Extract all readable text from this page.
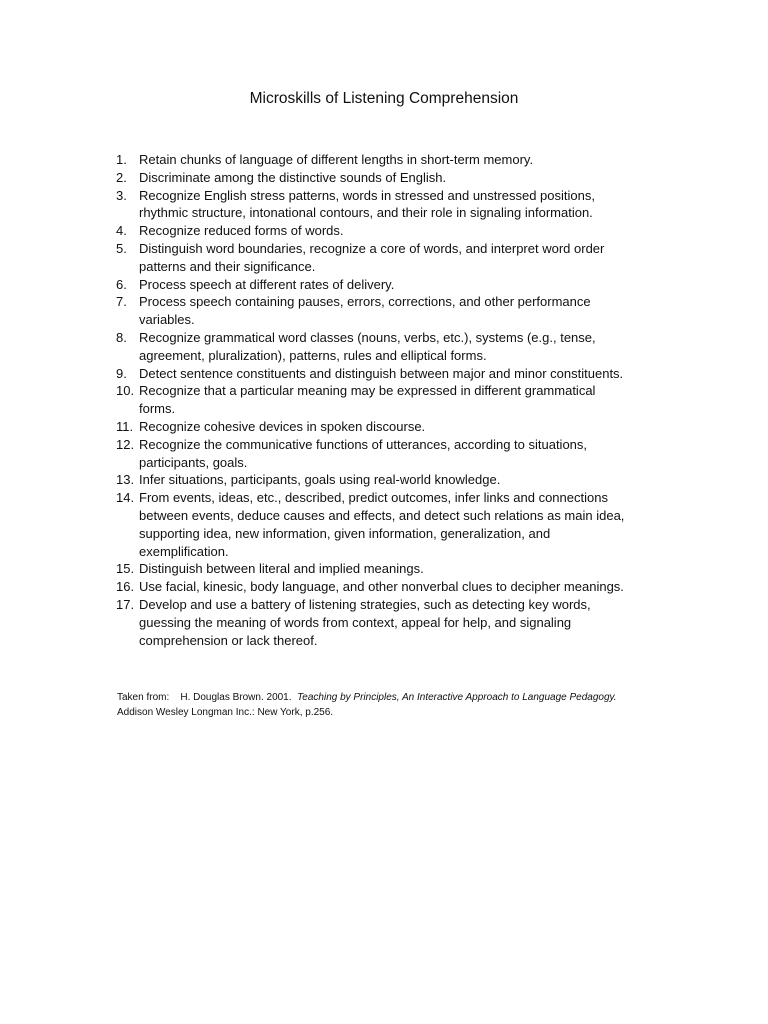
Microskills of Listening Comprehension
1. Retain chunks of language of different lengths in short-term memory.
2. Discriminate among the distinctive sounds of English.
3. Recognize English stress patterns, words in stressed and unstressed positions,
rhythmic structure, intonational contours, and their role in signaling information.
4. Recognize reduced forms of words.
5. Distinguish word boundaries, recognize a core of words, and interpret word order
patterns and their significance.
6. Process speech at different rates of delivery.
7. Process speech containing pauses, errors, corrections, and other performance
variables.
8. Recognize grammatical word classes (nouns, verbs, etc.), systems (e.g., tense,
agreement, pluralization), patterns, rules and elliptical forms.
9. Detect sentence constituents and distinguish between major and minor constituents.
10. Recognize that a particular meaning may be expressed in different grammatical
forms.
11. Recognize cohesive devices in spoken discourse.
12. Recognize the communicative functions of utterances, according to situations,
participants, goals.
13. Infer situations, participants, goals using real-world knowledge.
14. From events, ideas, etc., described, predict outcomes, infer links and connections
between events, deduce causes and effects, and detect such relations as main idea,
supporting idea, new information, given information, generalization, and
exemplification.
15. Distinguish between literal and implied meanings.
16. Use facial, kinesic, body language, and other nonverbal clues to decipher meanings.
17. Develop and use a battery of listening strategies, such as detecting key words,
guessing the meaning of words from context, appeal for help, and signaling
comprehension or lack thereof.
Taken from:    H. Douglas Brown. 2001.  Teaching by Principles, An Interactive Approach to Language Pedagogy.
Addison Wesley Longman Inc.: New York, p.256.
